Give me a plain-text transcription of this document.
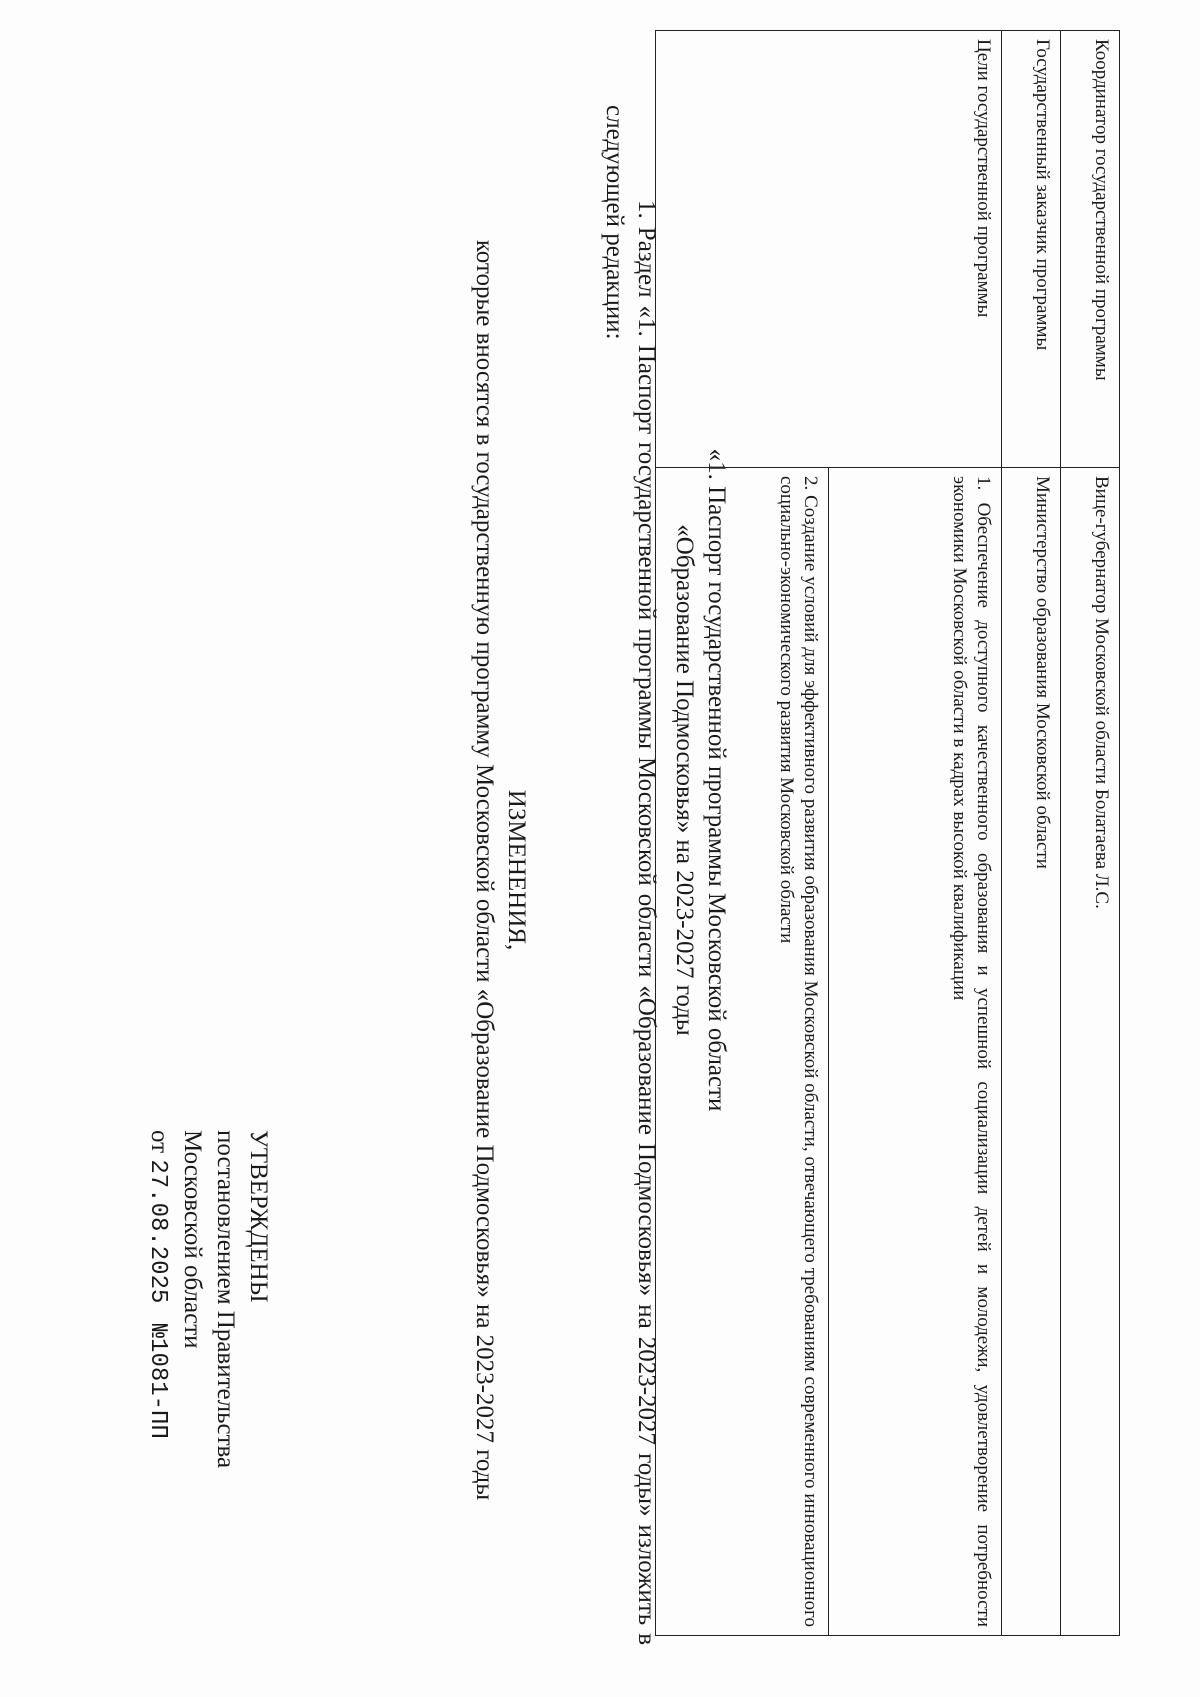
УТВЕРЖДЕНЫ
постановлением Правительства
Московской области
от 27.08.2025 №1081-ПП
ИЗМЕНЕНИЯ,
которые вносятся в государственную программу Московской области «Образование Подмосковья» на 2023-2027 годы	1. Раздел «1. Паспорт государственной программы Московской области «Образование Подмосковья» на 2023-2027 годы» изложить в следующей редакции:
«1. Паспорт государственной программы Московской области
«Образование Подмосковья» на 2023-2027 годы
Координатор государственной программы	Вице-губернатор Московской области Болатаева Л.С.
Государственный заказчик программы	Министерство образования Московской области
Цели государственной программы	1. Обеспечение доступного качественного образования и успешной социализации детей и молодежи, удовлетворение потребности экономики Московской области в кадрах высокой квалификации
	2. Создание условий для эффективного развития образования Московской области, отвечающего требованиям современного инновационного социально-экономического развития Московской области
